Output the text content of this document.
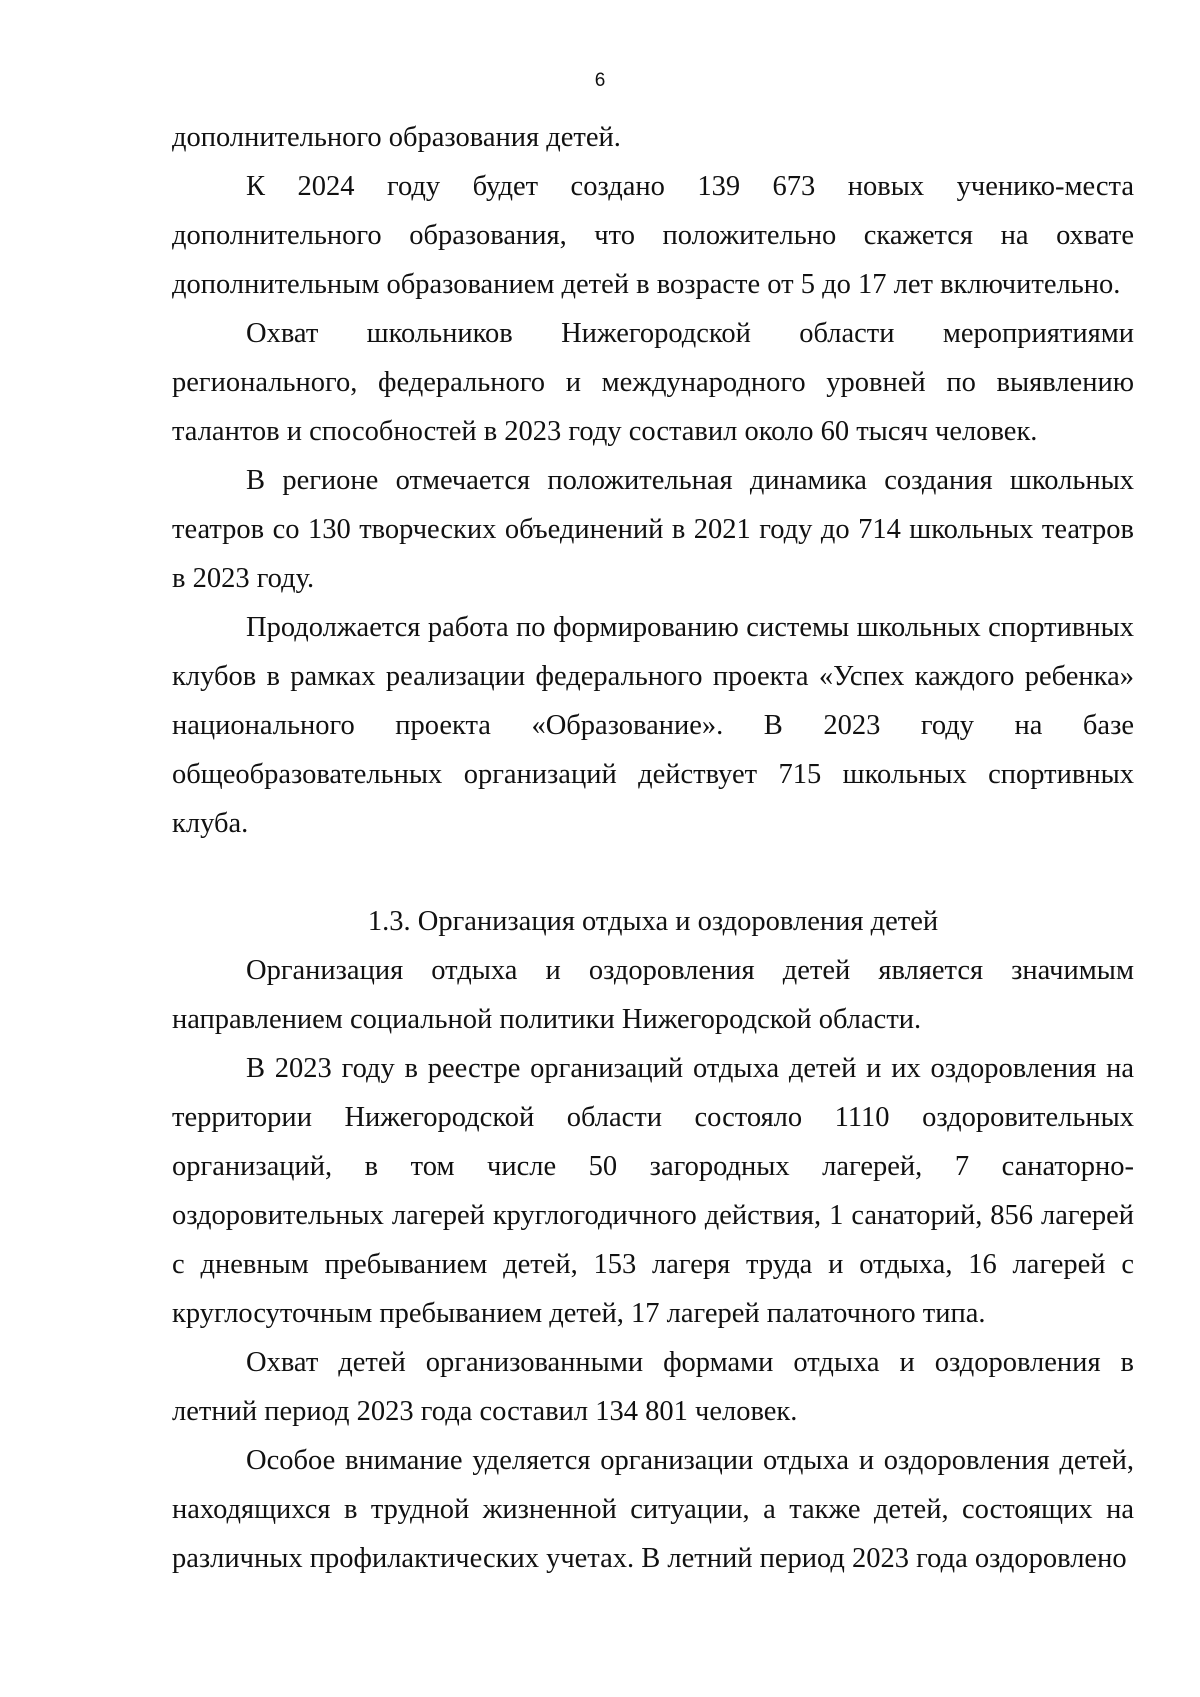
6

дополнительного образования детей.

К 2024 году будет создано 139 673 новых ученико-места дополнительного образования, что положительно скажется на охвате дополнительным образованием детей в возрасте от 5 до 17 лет включительно.

Охват школьников Нижегородской области мероприятиями регионального, федерального и международного уровней по выявлению талантов и способностей в 2023 году составил около 60 тысяч человек.

В регионе отмечается положительная динамика создания школьных театров со 130 творческих объединений в 2021 году до 714 школьных театров в 2023 году.

Продолжается работа по формированию системы школьных спортивных клубов в рамках реализации федерального проекта «Успех каждого ребенка» национального проекта «Образование». В 2023 году на базе общеобразовательных организаций действует 715 школьных спортивных клуба.

1.3. Организация отдыха и оздоровления детей

Организация отдыха и оздоровления детей является значимым направлением социальной политики Нижегородской области.

В 2023 году в реестре организаций отдыха детей и их оздоровления на территории Нижегородской области состояло 1110 оздоровительных организаций, в том числе 50 загородных лагерей, 7 санаторно-оздоровительных лагерей круглогодичного действия, 1 санаторий, 856 лагерей с дневным пребыванием детей, 153 лагеря труда и отдыха, 16 лагерей с круглосуточным пребыванием детей, 17 лагерей палаточного типа.

Охват детей организованными формами отдыха и оздоровления в летний период 2023 года составил 134 801 человек.

Особое внимание уделяется организации отдыха и оздоровления детей, находящихся в трудной жизненной ситуации, а также детей, состоящих на различных профилактических учетах. В летний период 2023 года оздоровлено
